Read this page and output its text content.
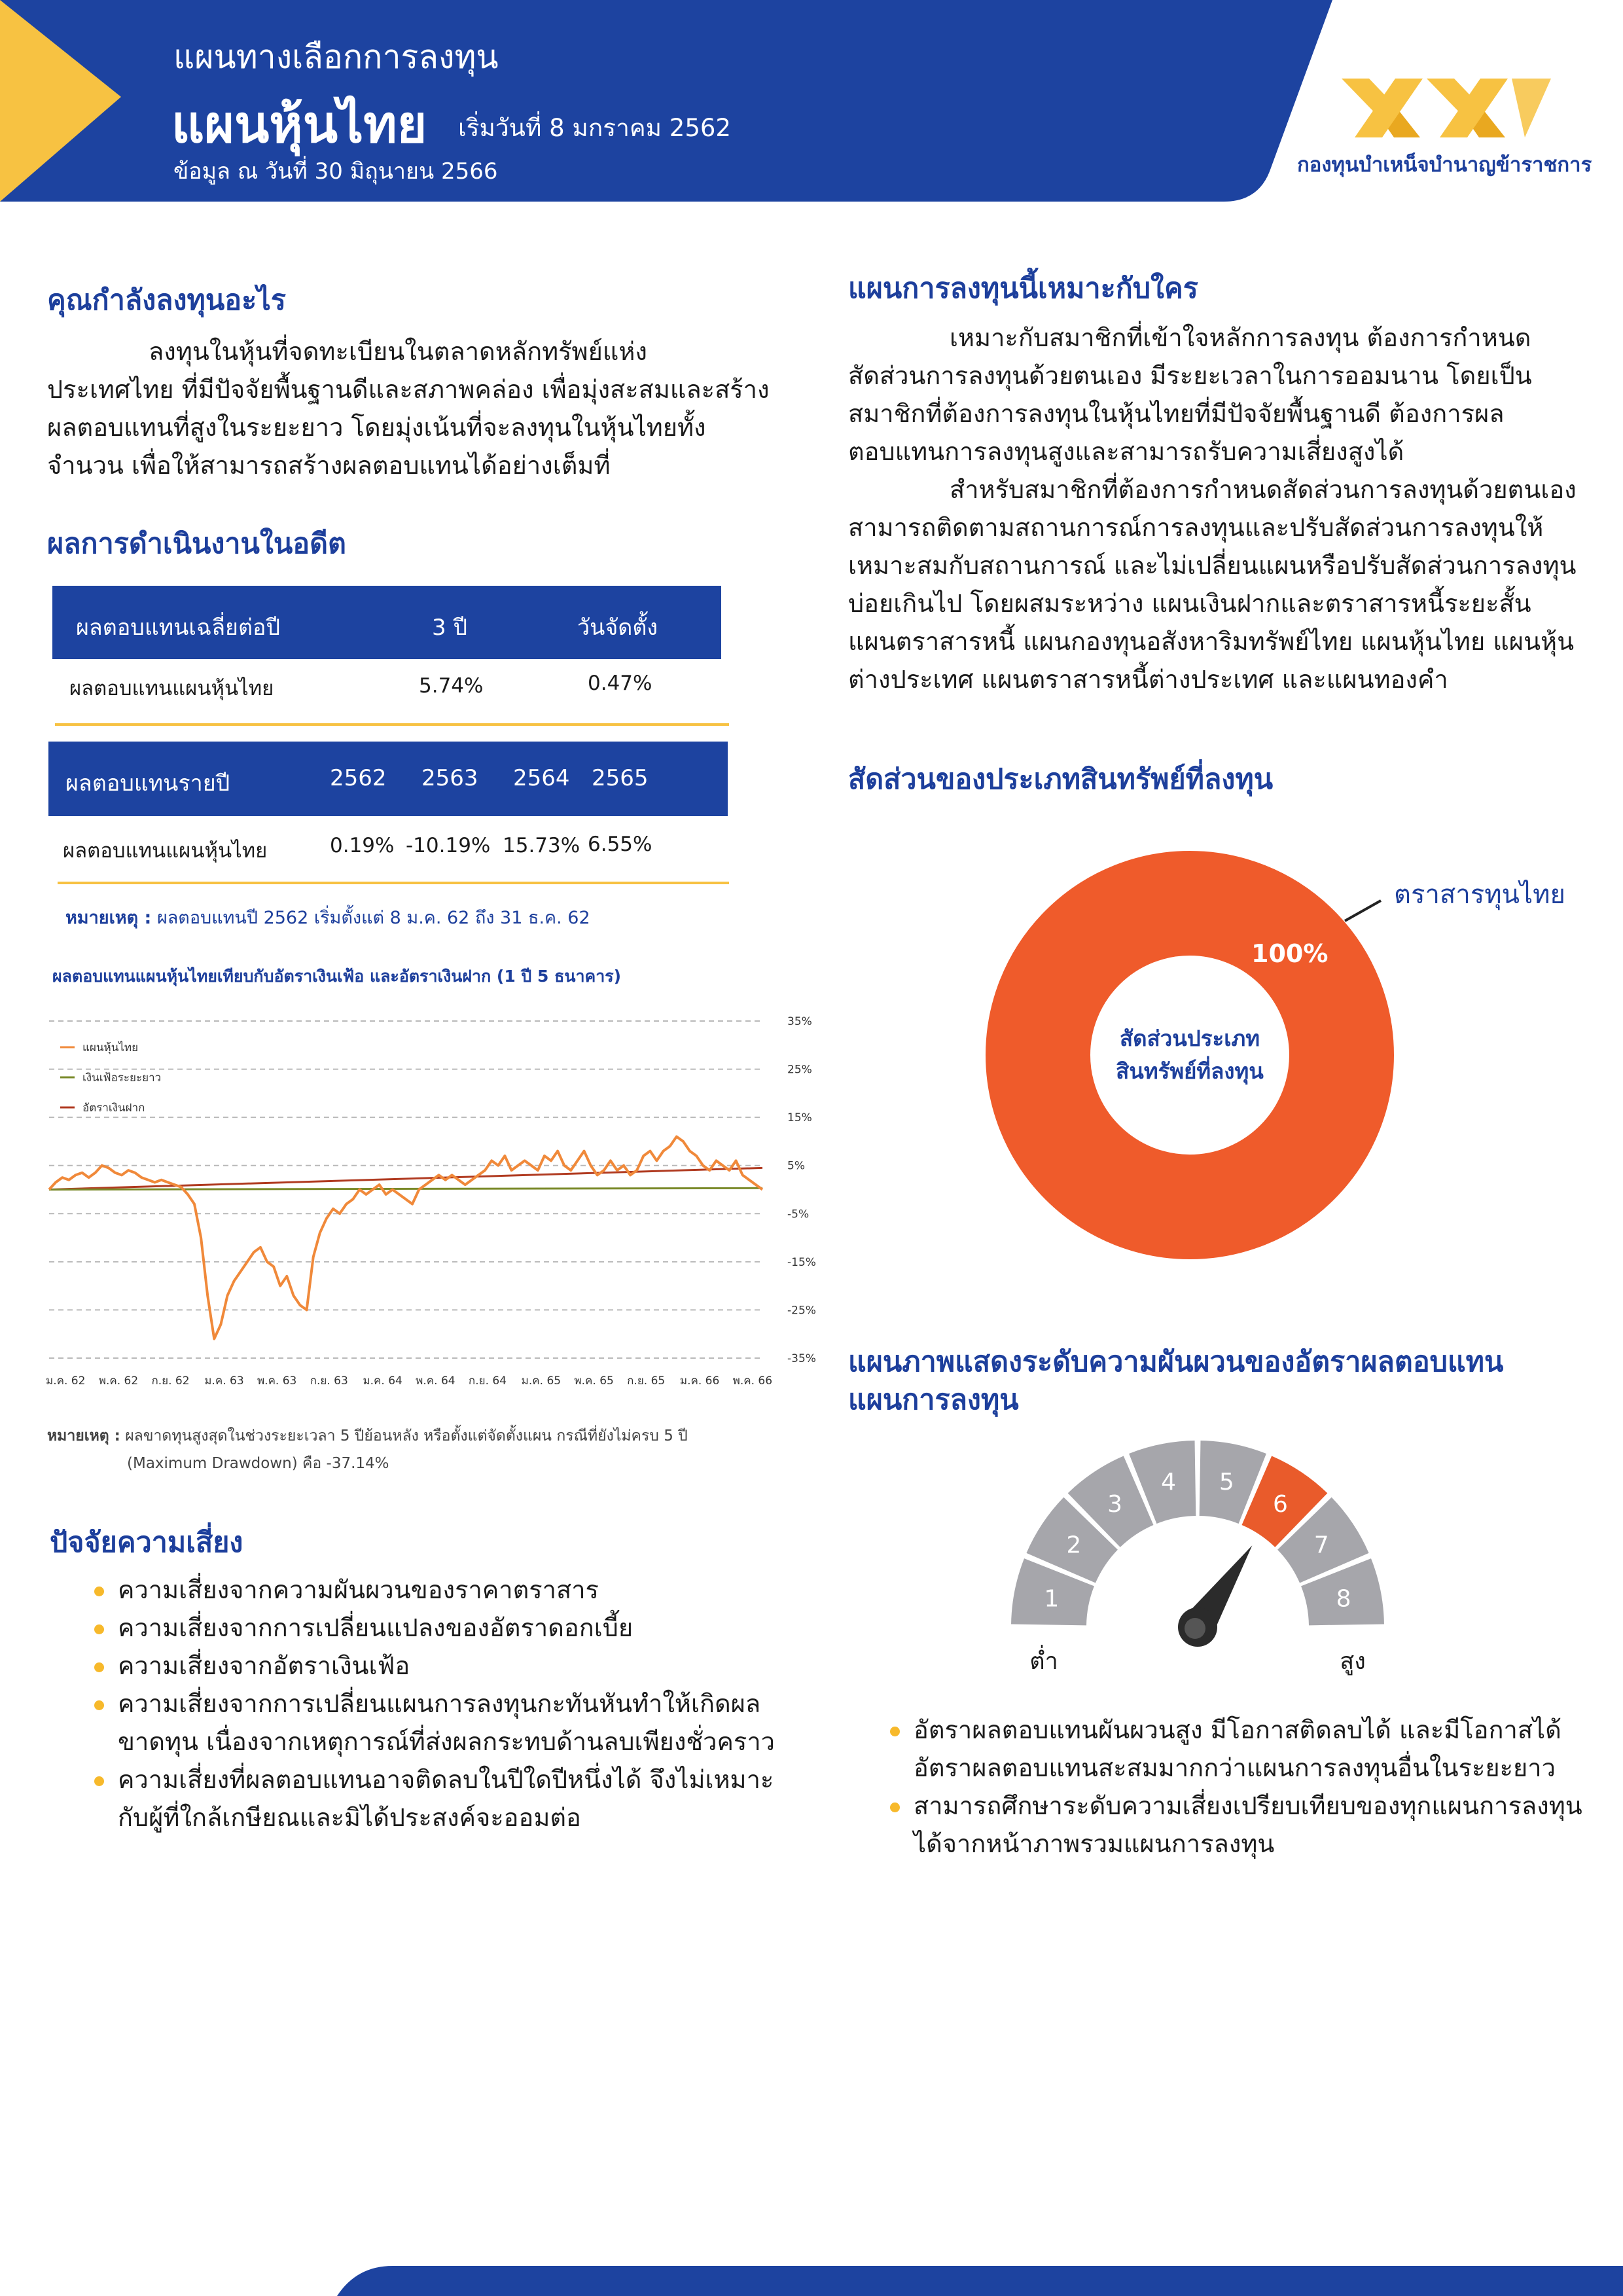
แผนทางเลือกการลงทุน
แผนหุ้นไทย เริ่มวันที่ 8 มกราคม 2562
ข้อมูล ณ วันที่ 30 มิถุนายน 2566	กองทุนบำเหน็จบำนาญข้าราชการ
คุณกำลังลงทุนอะไร

ลงทุนในหุ้นที่จดทะเบียนในตลาดหลักทรัพย์แห่งประเทศไทย ที่มีปัจจัยพื้นฐานดีและสภาพคล่อง เพื่อมุ่งสะสมและสร้างผลตอบแทนที่สูงในระยะยาว โดยมุ่งเน้นที่จะลงทุนในหุ้นไทยทั้งจำนวน เพื่อให้สามารถสร้างผลตอบแทนได้อย่างเต็มที่

ผลการดำเนินงานในอดีต
ผลตอบแทนเฉลี่ยต่อปี	3 ปี	วันจัดตั้ง
ผลตอบแทนแผนหุ้นไทย	5.74%	0.47%
ผลตอบแทนรายปี	2562 2563 2564 2565
ผลตอบแทนแผนหุ้นไทย	0.19% -10.19% 15.73% 6.55%
หมายเหตุ : ผลตอบแทนปี 2562 เริ่มตั้งแต่ 8 ม.ค. 62 ถึง 31 ธ.ค. 62
ผลตอบแทนแผนหุ้นไทยเทียบกับอัตราเงินเฟ้อ และอัตราเงินฝาก (1 ปี 5 ธนาคาร)
35%
25%
15%
5%
-5%
-15%
-25%
-35%
ม.ค. 62 พ.ค. 62 ก.ย. 62 ม.ค. 63 พ.ค. 63 ก.ย. 63 ม.ค. 64 พ.ค. 64 ก.ย. 64 ม.ค. 65 พ.ค. 65 ก.ย. 65 ม.ค. 66 พ.ค. 66
แผนหุ้นไทย
เงินเฟ้อระยะยาว
อัตราเงินฝาก
หมายเหตุ : ผลขาดทุนสูงสุดในช่วงระยะเวลา 5 ปีย้อนหลัง หรือตั้งแต่จัดตั้งแผน กรณีที่ยังไม่ครบ 5 ปี
(Maximum Drawdown) คือ -37.14%
ปัจจัยความเสี่ยง
ความเสี่ยงจากความผันผวนของราคาตราสาร
ความเสี่ยงจากการเปลี่ยนแปลงของอัตราดอกเบี้ย
ความเสี่ยงจากอัตราเงินเฟ้อ
ความเสี่ยงจากการเปลี่ยนแผนการลงทุนกะทันหันทำให้เกิดผลขาดทุน เนื่องจากเหตุการณ์ที่ส่งผลกระทบด้านลบเพียงชั่วคราว
ความเสี่ยงที่ผลตอบแทนอาจติดลบในปีใดปีหนึ่งได้ จึงไม่เหมาะกับผู้ที่ใกล้เกษียณและมิได้ประสงค์จะออมต่อ
แผนการลงทุนนี้เหมาะกับใคร

เหมาะกับสมาชิกที่เข้าใจหลักการลงทุน ต้องการกำหนดสัดส่วนการลงทุนด้วยตนเอง มีระยะเวลาในการออมนาน โดยเป็นสมาชิกที่ต้องการลงทุนในหุ้นไทยที่มีปัจจัยพื้นฐานดี ต้องการผลตอบแทนการลงทุนสูงและสามารถรับความเสี่ยงสูงได้

สำหรับสมาชิกที่ต้องการกำหนดสัดส่วนการลงทุนด้วยตนเอง สามารถติดตามสถานการณ์การลงทุนและปรับสัดส่วนการลงทุนให้เหมาะสมกับสถานการณ์ และไม่เปลี่ยนแผนหรือปรับสัดส่วนการลงทุนบ่อยเกินไป โดยผสมระหว่าง แผนเงินฝากและตราสารหนี้ระยะสั้น แผนตราสารหนี้ แผนกองทุนอสังหาริมทรัพย์ไทย แผนหุ้นไทย แผนหุ้นต่างประเทศ แผนตราสารหนี้ต่างประเทศ และแผนทองคำ

สัดส่วนของประเภทสินทรัพย์ที่ลงทุน
ตราสารทุนไทย
100%
สัดส่วนประเภท
สินทรัพย์ที่ลงทุน
แผนภาพแสดงระดับความผันผวนของอัตราผลตอบแทน
แผนการลงทุน
1
2
3
4 5
6
7
8
ต่ำ	สูง
อัตราผลตอบแทนผันผวนสูง มีโอกาสติดลบได้ และมีโอกาสได้อัตราผลตอบแทนสะสมมากกว่าแผนการลงทุนอื่นในระยะยาว
สามารถศึกษาระดับความเสี่ยงเปรียบเทียบของทุกแผนการลงทุนได้จากหน้าภาพรวมแผนการลงทุน
